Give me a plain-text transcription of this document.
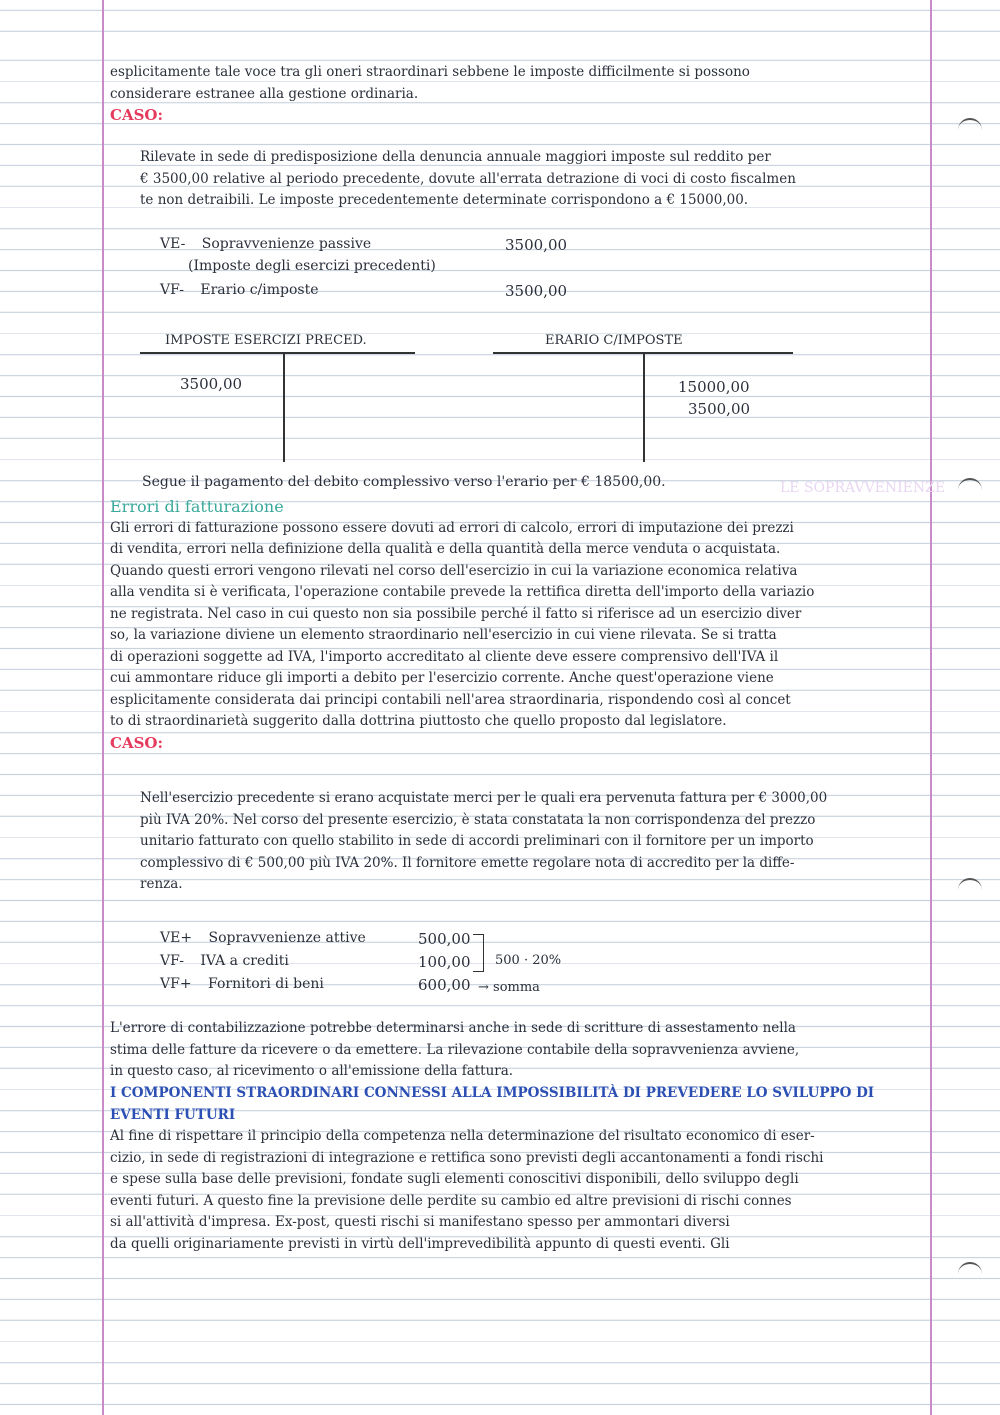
esplicitamente tale voce tra gli oneri straordinari sebbene le imposte difficilmente si possono

considerare estranee alla gestione ordinaria.

CASO:

Rilevate in sede di predisposizione della denuncia annuale maggiori imposte sul reddito per

€ 3500,00 relative al periodo precedente, dovute all'errata detrazione di voci di costo fiscalmen

te non detraibili. Le imposte precedentemente determinate corrispondono a € 15000,00.

VE- Sopravvenienze passive	3500,00
(Imposte degli esercizi precedenti)
VF- Erario c/imposte	3500,00
IMPOSTE ESERCIZI PRECED.
3500,00
ERARIO C/IMPOSTE
15000,00
3500,00
Segue il pagamento del debito complessivo verso l'erario per € 18500,00.	LE SOPRAVVENIENZE

Errori di fatturazione

Gli errori di fatturazione possono essere dovuti ad errori di calcolo, errori di imputazione dei prezzi

di vendita, errori nella definizione della qualità e della quantità della merce venduta o acquistata.

Quando questi errori vengono rilevati nel corso dell'esercizio in cui la variazione economica relativa

alla vendita si è verificata, l'operazione contabile prevede la rettifica diretta dell'importo della variazio

ne registrata. Nel caso in cui questo non sia possibile perché il fatto si riferisce ad un esercizio diver

so, la variazione diviene un elemento straordinario nell'esercizio in cui viene rilevata. Se si tratta

di operazioni soggette ad IVA, l'importo accreditato al cliente deve essere comprensivo dell'IVA il

cui ammontare riduce gli importi a debito per l'esercizio corrente. Anche quest'operazione viene

esplicitamente considerata dai principi contabili nell'area straordinaria, rispondendo così al concet

to di straordinarietà suggerito dalla dottrina piuttosto che quello proposto dal legislatore.

CASO:

Nell'esercizio precedente si erano acquistate merci per le quali era pervenuta fattura per € 3000,00

più IVA 20%. Nel corso del presente esercizio, è stata constatata la non corrispondenza del prezzo

unitario fatturato con quello stabilito in sede di accordi preliminari con il fornitore per un importo

complessivo di € 500,00 più IVA 20%. Il fornitore emette regolare nota di accredito per la diffe-

renza.

VE+ Sopravvenienze attive	500,00
VF- IVA a crediti	100,00
VF+ Fornitori di beni	600,00
500 · 20%
→ somma

L'errore di contabilizzazione potrebbe determinarsi anche in sede di scritture di assestamento nella

stima delle fatture da ricevere o da emettere. La rilevazione contabile della sopravvenienza avviene,

in questo caso, al ricevimento o all'emissione della fattura.

I COMPONENTI STRAORDINARI CONNESSI ALLA IMPOSSIBILITÀ DI PREVEDERE LO SVILUPPO DI EVENTI FUTURI

Al fine di rispettare il principio della competenza nella determinazione del risultato economico di eser-

cizio, in sede di registrazioni di integrazione e rettifica sono previsti degli accantonamenti a fondi rischi

e spese sulla base delle previsioni, fondate sugli elementi conoscitivi disponibili, dello sviluppo degli

eventi futuri. A questo fine la previsione delle perdite su cambio ed altre previsioni di rischi connes

si all'attività d'impresa. Ex-post, questi rischi si manifestano spesso per ammontari diversi

da quelli originariamente previsti in virtù dell'imprevedibilità appunto di questi eventi. Gli
